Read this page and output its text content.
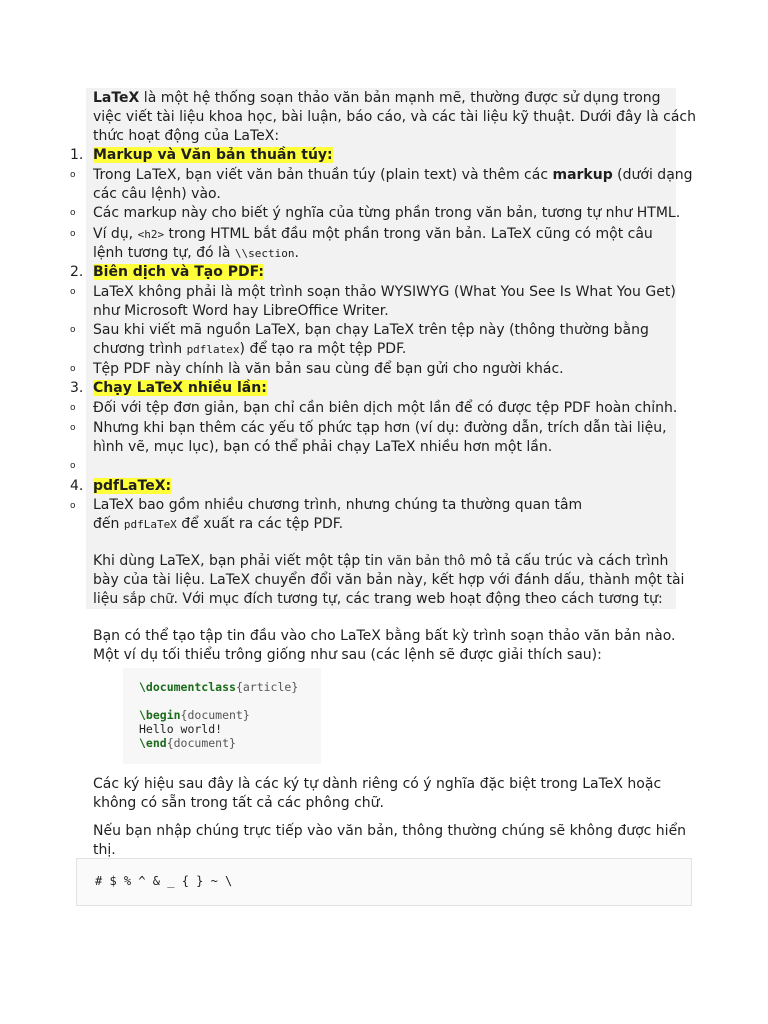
LaTeX là một hệ thống soạn thảo văn bản mạnh mẽ, thường được sử dụng trong
việc viết tài liệu khoa học, bài luận, báo cáo, và các tài liệu kỹ thuật. Dưới đây là cách
thức hoạt động của LaTeX:
1. Markup và Văn bản thuần túy:
o Trong LaTeX, bạn viết văn bản thuần túy (plain text) và thêm các markup (dưới dạng
các câu lệnh) vào.
o Các markup này cho biết ý nghĩa của từng phần trong văn bản, tương tự như HTML.
o Ví dụ, <h2> trong HTML bắt đầu một phần trong văn bản. LaTeX cũng có một câu
lệnh tương tự, đó là \\section.
2. Biên dịch và Tạo PDF:
o LaTeX không phải là một trình soạn thảo WYSIWYG (What You See Is What You Get)
như Microsoft Word hay LibreOffice Writer.
o Sau khi viết mã nguồn LaTeX, bạn chạy LaTeX trên tệp này (thông thường bằng
chương trình pdflatex) để tạo ra một tệp PDF.
o Tệp PDF này chính là văn bản sau cùng để bạn gửi cho người khác.
3. Chạy LaTeX nhiều lần:
o Đối với tệp đơn giản, bạn chỉ cần biên dịch một lần để có được tệp PDF hoàn chỉnh.
o Nhưng khi bạn thêm các yếu tố phức tạp hơn (ví dụ: đường dẫn, trích dẫn tài liệu,
hình vẽ, mục lục), bạn có thể phải chạy LaTeX nhiều hơn một lần.
o
4. pdfLaTeX:
o LaTeX bao gồm nhiều chương trình, nhưng chúng ta thường quan tâm
đến pdfLaTeX để xuất ra các tệp PDF.
Khi dùng LaTeX, bạn phải viết một tập tin văn bản thô mô tả cấu trúc và cách trình
bày của tài liệu. LaTeX chuyển đổi văn bản này, kết hợp với đánh dấu, thành một tài
liệu sắp chữ. Với mục đích tương tự, các trang web hoạt động theo cách tương tự:
Bạn có thể tạo tập tin đầu vào cho LaTeX bằng bất kỳ trình soạn thảo văn bản nào.
Một ví dụ tối thiểu trông giống như sau (các lệnh sẽ được giải thích sau):
\documentclass{article}
\begin{document}
Hello world!
\end{document}
Các ký hiệu sau đây là các ký tự dành riêng có ý nghĩa đặc biệt trong LaTeX hoặc
không có sẵn trong tất cả các phông chữ.
Nếu bạn nhập chúng trực tiếp vào văn bản, thông thường chúng sẽ không được hiển
thị.
# $ % ^ & _ { } ~ \
